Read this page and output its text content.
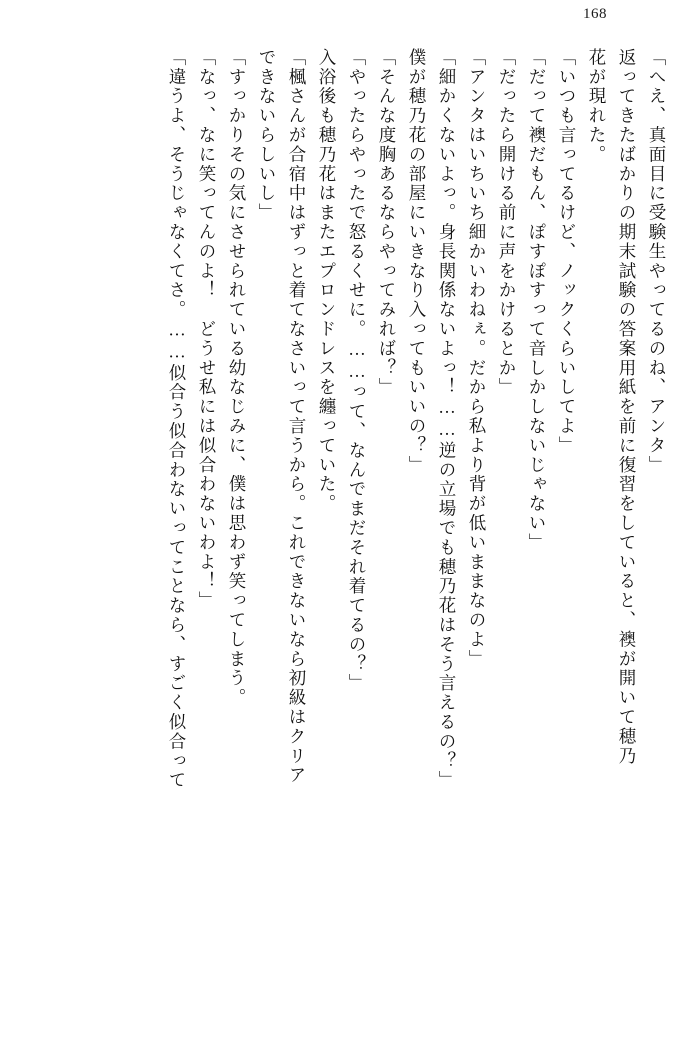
168
「へえ、真面目に受験生やってるのね、アンタ」
返ってきたばかりの期末試験の答案用紙を前に復習をしていると、襖が開いて穂乃
花が現れた。
「いつも言ってるけど、ノックくらいしてよ」
「だって襖だもん、ぽすぽすって音しかしないじゃない」
「だったら開ける前に声をかけるとか」
「アンタはいちいち細かいわねぇ。だから私より背が低いままなのよ」
「細かくないよっ。身長関係ないよっ！……逆の立場でも穂乃花はそう言えるの？」
僕が穂乃花の部屋にいきなり入ってもいいの？」
「そんな度胸あるならやってみれば？」
「やったらやったで怒るくせに。……って、なんでまだそれ着てるの？」
入浴後も穂乃花はまたエプロンドレスを纏っていた。
「楓さんが合宿中はずっと着てなさいって言うから。これできないなら初級はクリア
できないらしいし」
「すっかりその気にさせられている幼なじみに、僕は思わず笑ってしまう。
「なっ、なに笑ってんのよ！　どうせ私には似合わないわよ！」
「違うよ、そうじゃなくてさ。……似合う似合わないってことなら、すごく似合って
